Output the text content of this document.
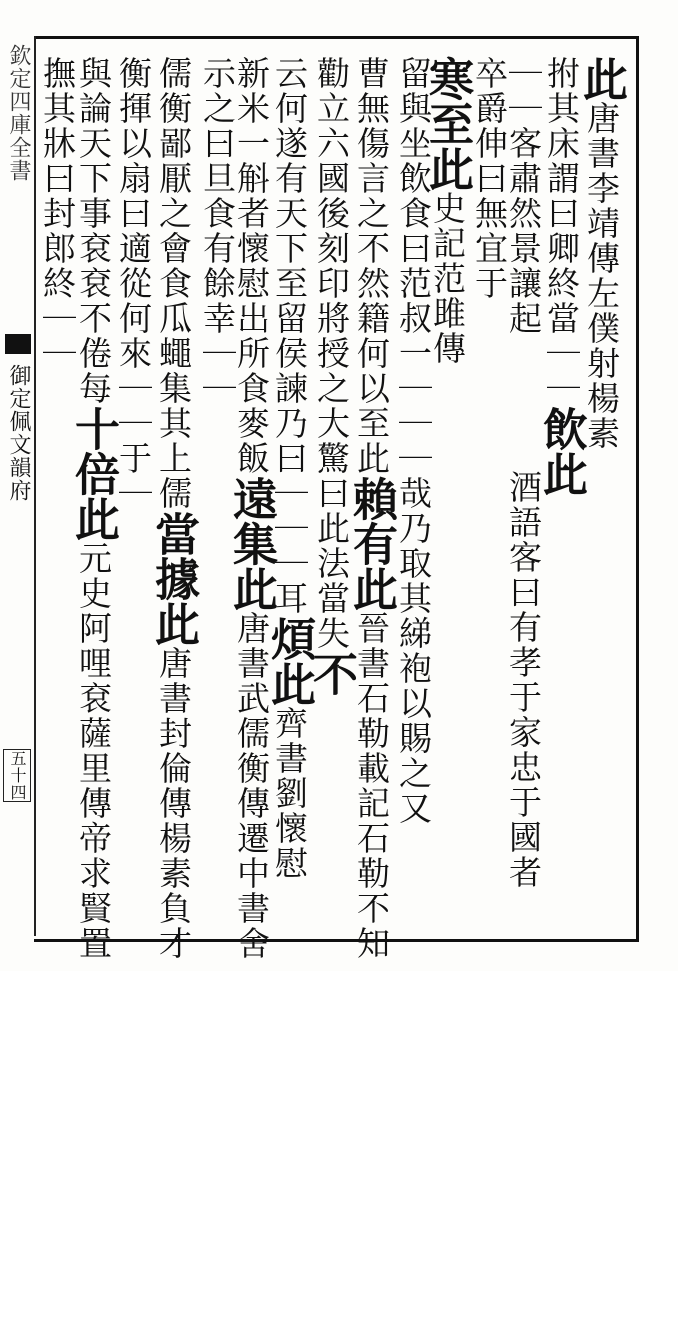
欽定四庫全書
御定佩文韻府
五十四
此唐書李靖傳左僕射楊素
拊其床謂曰卿終當｜｜飲此
酒語客曰有孝于家忠于國者
｜｜客肅然景讓起
卒爵伸曰無宜于
寒至此史記范雎傳
留與坐飲食曰范叔一｜｜｜哉乃取其綈袍以賜之又
曹無傷言之不然籍何以至此賴有此晉書石勒載記石勒不知
勸立六國後刻印將授之大驚曰此法當失不
云何遂有天下至留侯諫乃曰｜｜｜耳煩此齊書劉懷慰
新米一斛者懷慰出所食麥飯遠集此唐書武儒衡傳遷中書舍
示之曰旦食有餘幸｜｜
儒衡鄙厭之會食瓜蠅集其上儒當據此唐書封倫傳楊素負才
衡揮以扇曰適從何來｜｜于｜
與論天下事袞袞不倦每十倍此元史阿哩袞薩里傳帝求賢置
撫其牀曰封郎終｜｜
